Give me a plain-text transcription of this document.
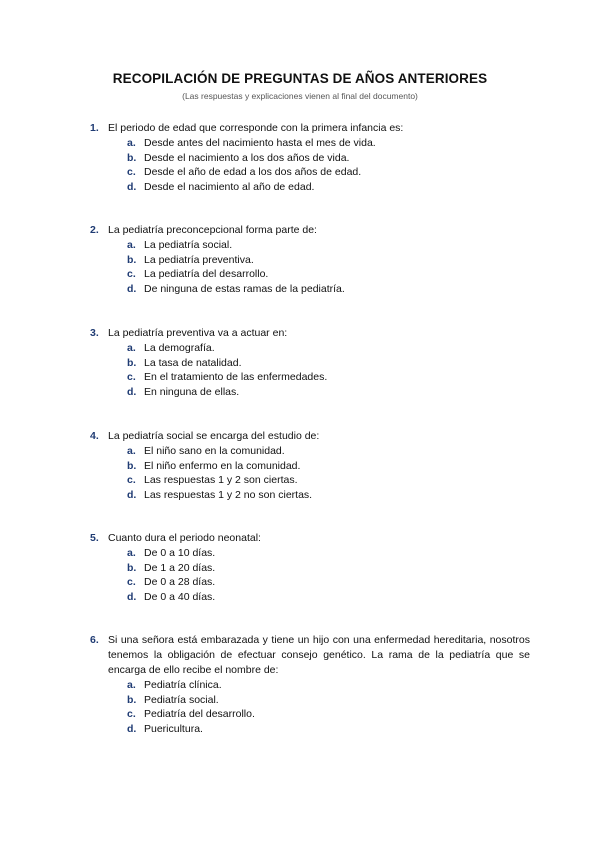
RECOPILACIÓN DE PREGUNTAS DE AÑOS ANTERIORES
(Las respuestas y explicaciones vienen al final del documento)
1. El periodo de edad que corresponde con la primera infancia es:
a. Desde antes del nacimiento hasta el mes de vida.
b. Desde el nacimiento a los dos años de vida.
c. Desde el año de edad a los dos años de edad.
d. Desde el nacimiento al año de edad.
2. La pediatría preconcepcional forma parte de:
a. La pediatría social.
b. La pediatría preventiva.
c. La pediatría del desarrollo.
d. De ninguna de estas ramas de la pediatría.
3. La pediatría preventiva va a actuar en:
a. La demografía.
b. La tasa de natalidad.
c. En el tratamiento de las enfermedades.
d. En ninguna de ellas.
4. La pediatría social se encarga del estudio de:
a. El niño sano en la comunidad.
b. El niño enfermo en la comunidad.
c. Las respuestas 1 y 2 son ciertas.
d. Las respuestas 1 y 2 no son ciertas.
5. Cuanto dura el periodo neonatal:
a. De 0 a 10 días.
b. De 1 a 20 días.
c. De 0 a 28 días.
d. De 0 a 40 días.
6. Si una señora está embarazada y tiene un hijo con una enfermedad hereditaria, nosotros tenemos la obligación de efectuar consejo genético. La rama de la pediatría que se encarga de ello recibe el nombre de:
a. Pediatría clínica.
b. Pediatría social.
c. Pediatría del desarrollo.
d. Puericultura.
